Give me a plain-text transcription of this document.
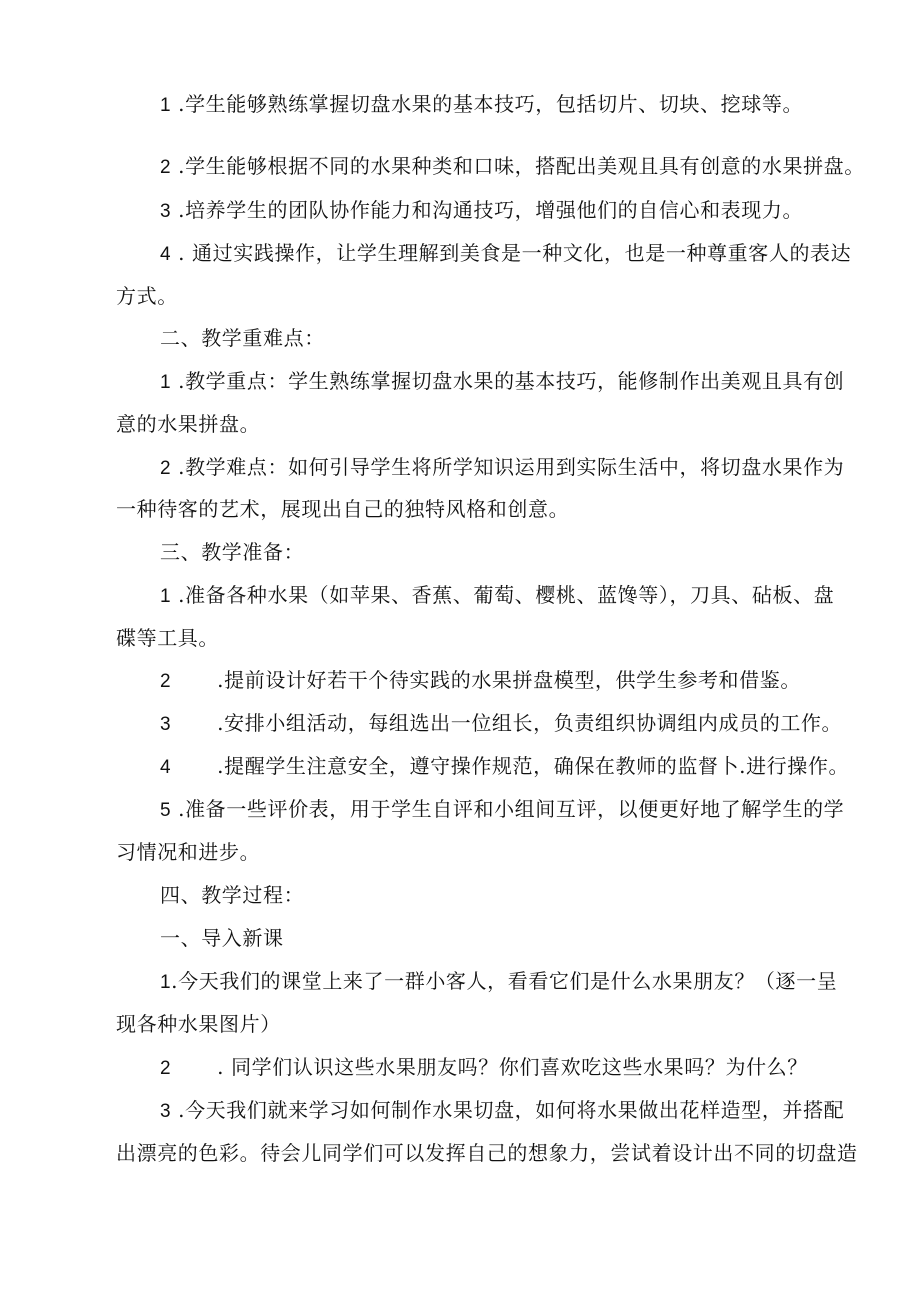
1 .学生能够熟练掌握切盘水果的基本技巧，包括切片、切块、挖球等。
2 .学生能够根据不同的水果种类和口味，搭配出美观且具有创意的水果拼盘。
3 .培养学生的团队协作能力和沟通技巧，增强他们的自信心和表现力。
4 . 通过实践操作，让学生理解到美食是一种文化，也是一种尊重客人的表达
方式。
二、教学重难点：
1 .教学重点：学生熟练掌握切盘水果的基本技巧，能修制作出美观且具有创
意的水果拼盘。
2 .教学难点：如何引导学生将所学知识运用到实际生活中，将切盘水果作为
一种待客的艺术，展现出自己的独特风格和创意。
三、教学准备：
1 .准备各种水果（如苹果、香蕉、葡萄、樱桃、蓝馋等），刀具、砧板、盘
碟等工具。
2 .提前设计好若干个待实践的水果拼盘模型，供学生参考和借鉴。
3 .安排小组活动，每组选出一位组长，负责组织协调组内成员的工作。
4 .提醒学生注意安全，遵守操作规范，确保在教师的监督卜.进行操作。
5 .准备一些评价表，用于学生自评和小组间互评，以便更好地了解学生的学
习情况和进步。
四、教学过程：
一、导入新课
1.今天我们的课堂上来了一群小客人，看看它们是什么水果朋友？（逐一呈
现各种水果图片）
2 . 同学们认识这些水果朋友吗？你们喜欢吃这些水果吗？为什么？
3 .今天我们就来学习如何制作水果切盘，如何将水果做出花样造型，并搭配
出漂亮的色彩。待会儿同学们可以发挥自己的想象力，尝试着设计出不同的切盘造
